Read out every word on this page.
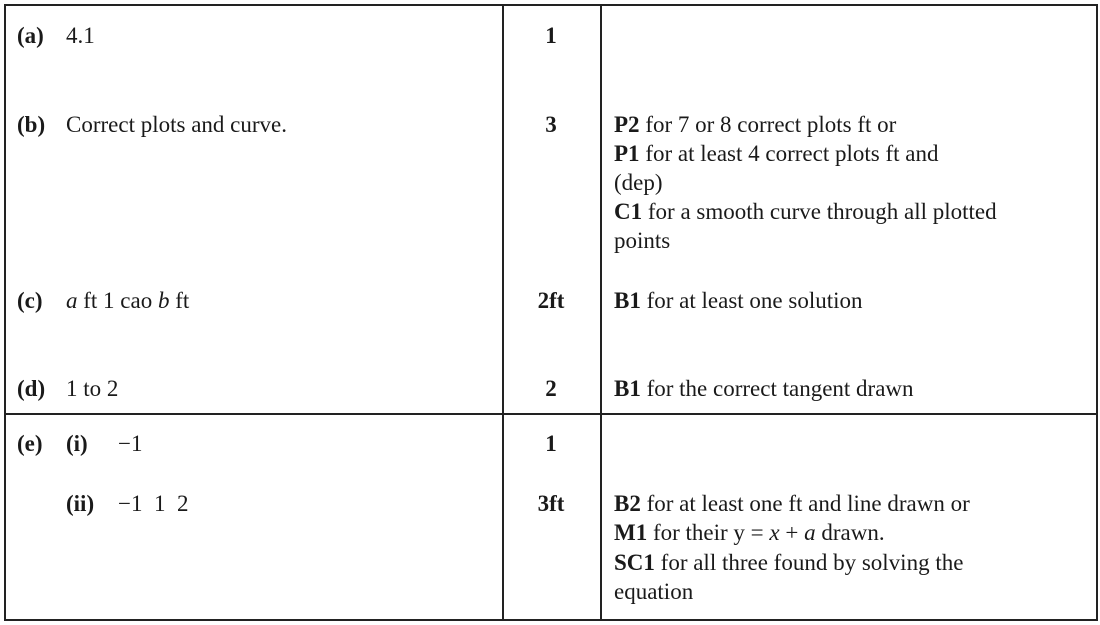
(a) 4.1	1
(b) Correct plots and curve.	3	P2 for 7 or 8 correct plots ft or
P1 for at least 4 correct plots ft and
(dep)
C1 for a smooth curve through all plotted
points
(c) a ft 1 cao b ft	2ft	B1 for at least one solution
(d) 1 to 2	2	B1 for the correct tangent drawn
(e) (i) −1	1
(ii) −1  1  2	3ft	B2 for at least one ft and line drawn or
M1 for their y = x + a drawn.
SC1 for all three found by solving the
equation
